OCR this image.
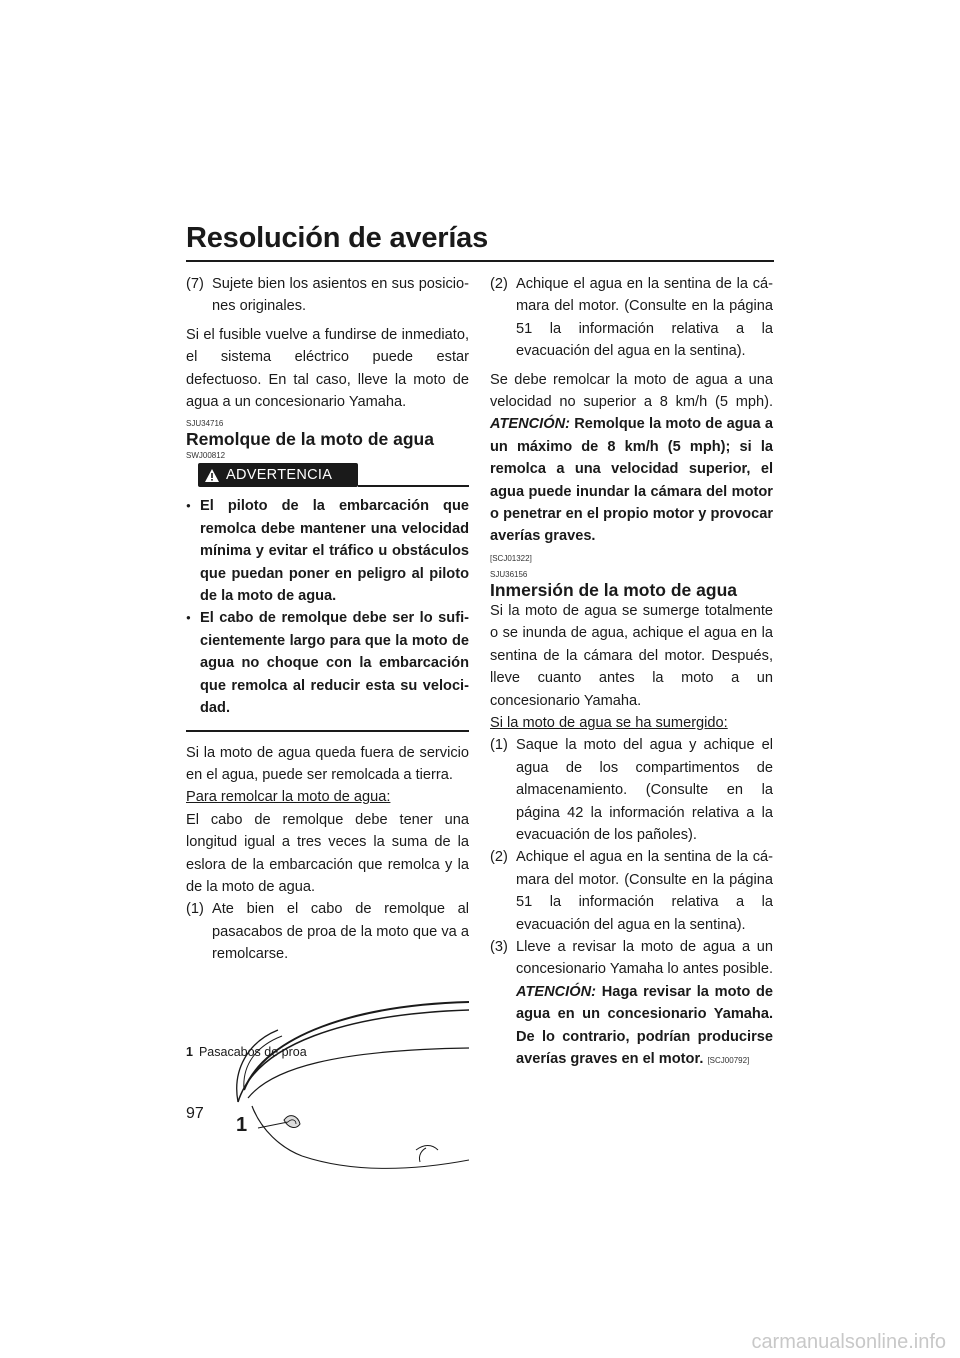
Resolución de averías
(7) Sujete bien los asientos en sus posiciones originales.

Si el fusible vuelve a fundirse de inmediato, el sistema eléctrico puede estar defectuoso. En tal caso, lleve la moto de agua a un concesionario Yamaha.

SJU34716
Remolque de la moto de agua
SWJ00812
ADVERTENCIA
● El piloto de la embarcación que remolca debe mantener una velocidad mínima y evitar el tráfico u obstáculos que puedan poner en peligro al piloto de la moto de agua.
● El cabo de remolque debe ser lo suficientemente largo para que la moto de agua no choque con la embarcación que remolca al reducir esta su velocidad.

Si la moto de agua queda fuera de servicio en el agua, puede ser remolcada a tierra.

Para remolcar la moto de agua:

El cabo de remolque debe tener una longitud igual a tres veces la suma de la eslora de la embarcación que remolca y la de la moto de agua.

(1) Ate bien el cabo de remolque al pasacabos de proa de la moto que va a remolcarse.
1
1 Pasacabos de proa
(2) Achique el agua en la sentina de la cámara del motor. (Consulte en la página 51 la información relativa a la evacuación del agua en la sentina).

Se debe remolcar la moto de agua a una velocidad no superior a 8 km/h (5 mph). ATENCIÓN: Remolque la moto de agua a un máximo de 8 km/h (5 mph); si la remolca a una velocidad superior, el agua puede inundar la cámara del motor o penetrar en el propio motor y provocar averías graves.

[SCJ01322]
SJU36156
Inmersión de la moto de agua

Si la moto de agua se sumerge totalmente o se inunda de agua, achique el agua en la sentina de la cámara del motor. Después, lleve cuanto antes la moto a un concesionario Yamaha.

Si la moto de agua se ha sumergido:

(1) Saque la moto del agua y achique el agua de los compartimentos de almacenamiento. (Consulte en la página 42 la información relativa a la evacuación de los pañoles).
(2) Achique el agua en la sentina de la cámara del motor. (Consulte en la página 51 la información relativa a la evacuación del agua en la sentina).
(3) Lleve a revisar la moto de agua a un concesionario Yamaha lo antes posible. ATENCIÓN: Haga revisar la moto de agua en un concesionario Yamaha. De lo contrario, podrían producirse averías graves en el motor. [SCJ00792]
97
carmanualsonline.info
